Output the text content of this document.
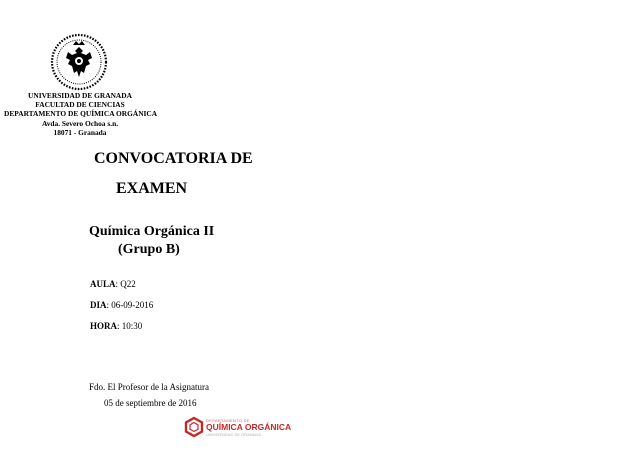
UNIVERSIDAD DE GRANADA
FACULTAD DE CIENCIAS
DEPARTAMENTO DE QUÍMICA ORGÁNICA
Avda. Severo Ochoa s.n.
18071 - Granada
CONVOCATORIA DE
EXAMEN
Química Orgánica II
(Grupo B)
AULA: Q22
DIA: 06-09-2016
HORA: 10:30
Fdo. El Profesor de la Asignatura
05 de septiembre de 2016
DEPARTAMENTO DE
QUÍMICA ORGÁNICA
UNIVERSIDAD DE GRANADA
